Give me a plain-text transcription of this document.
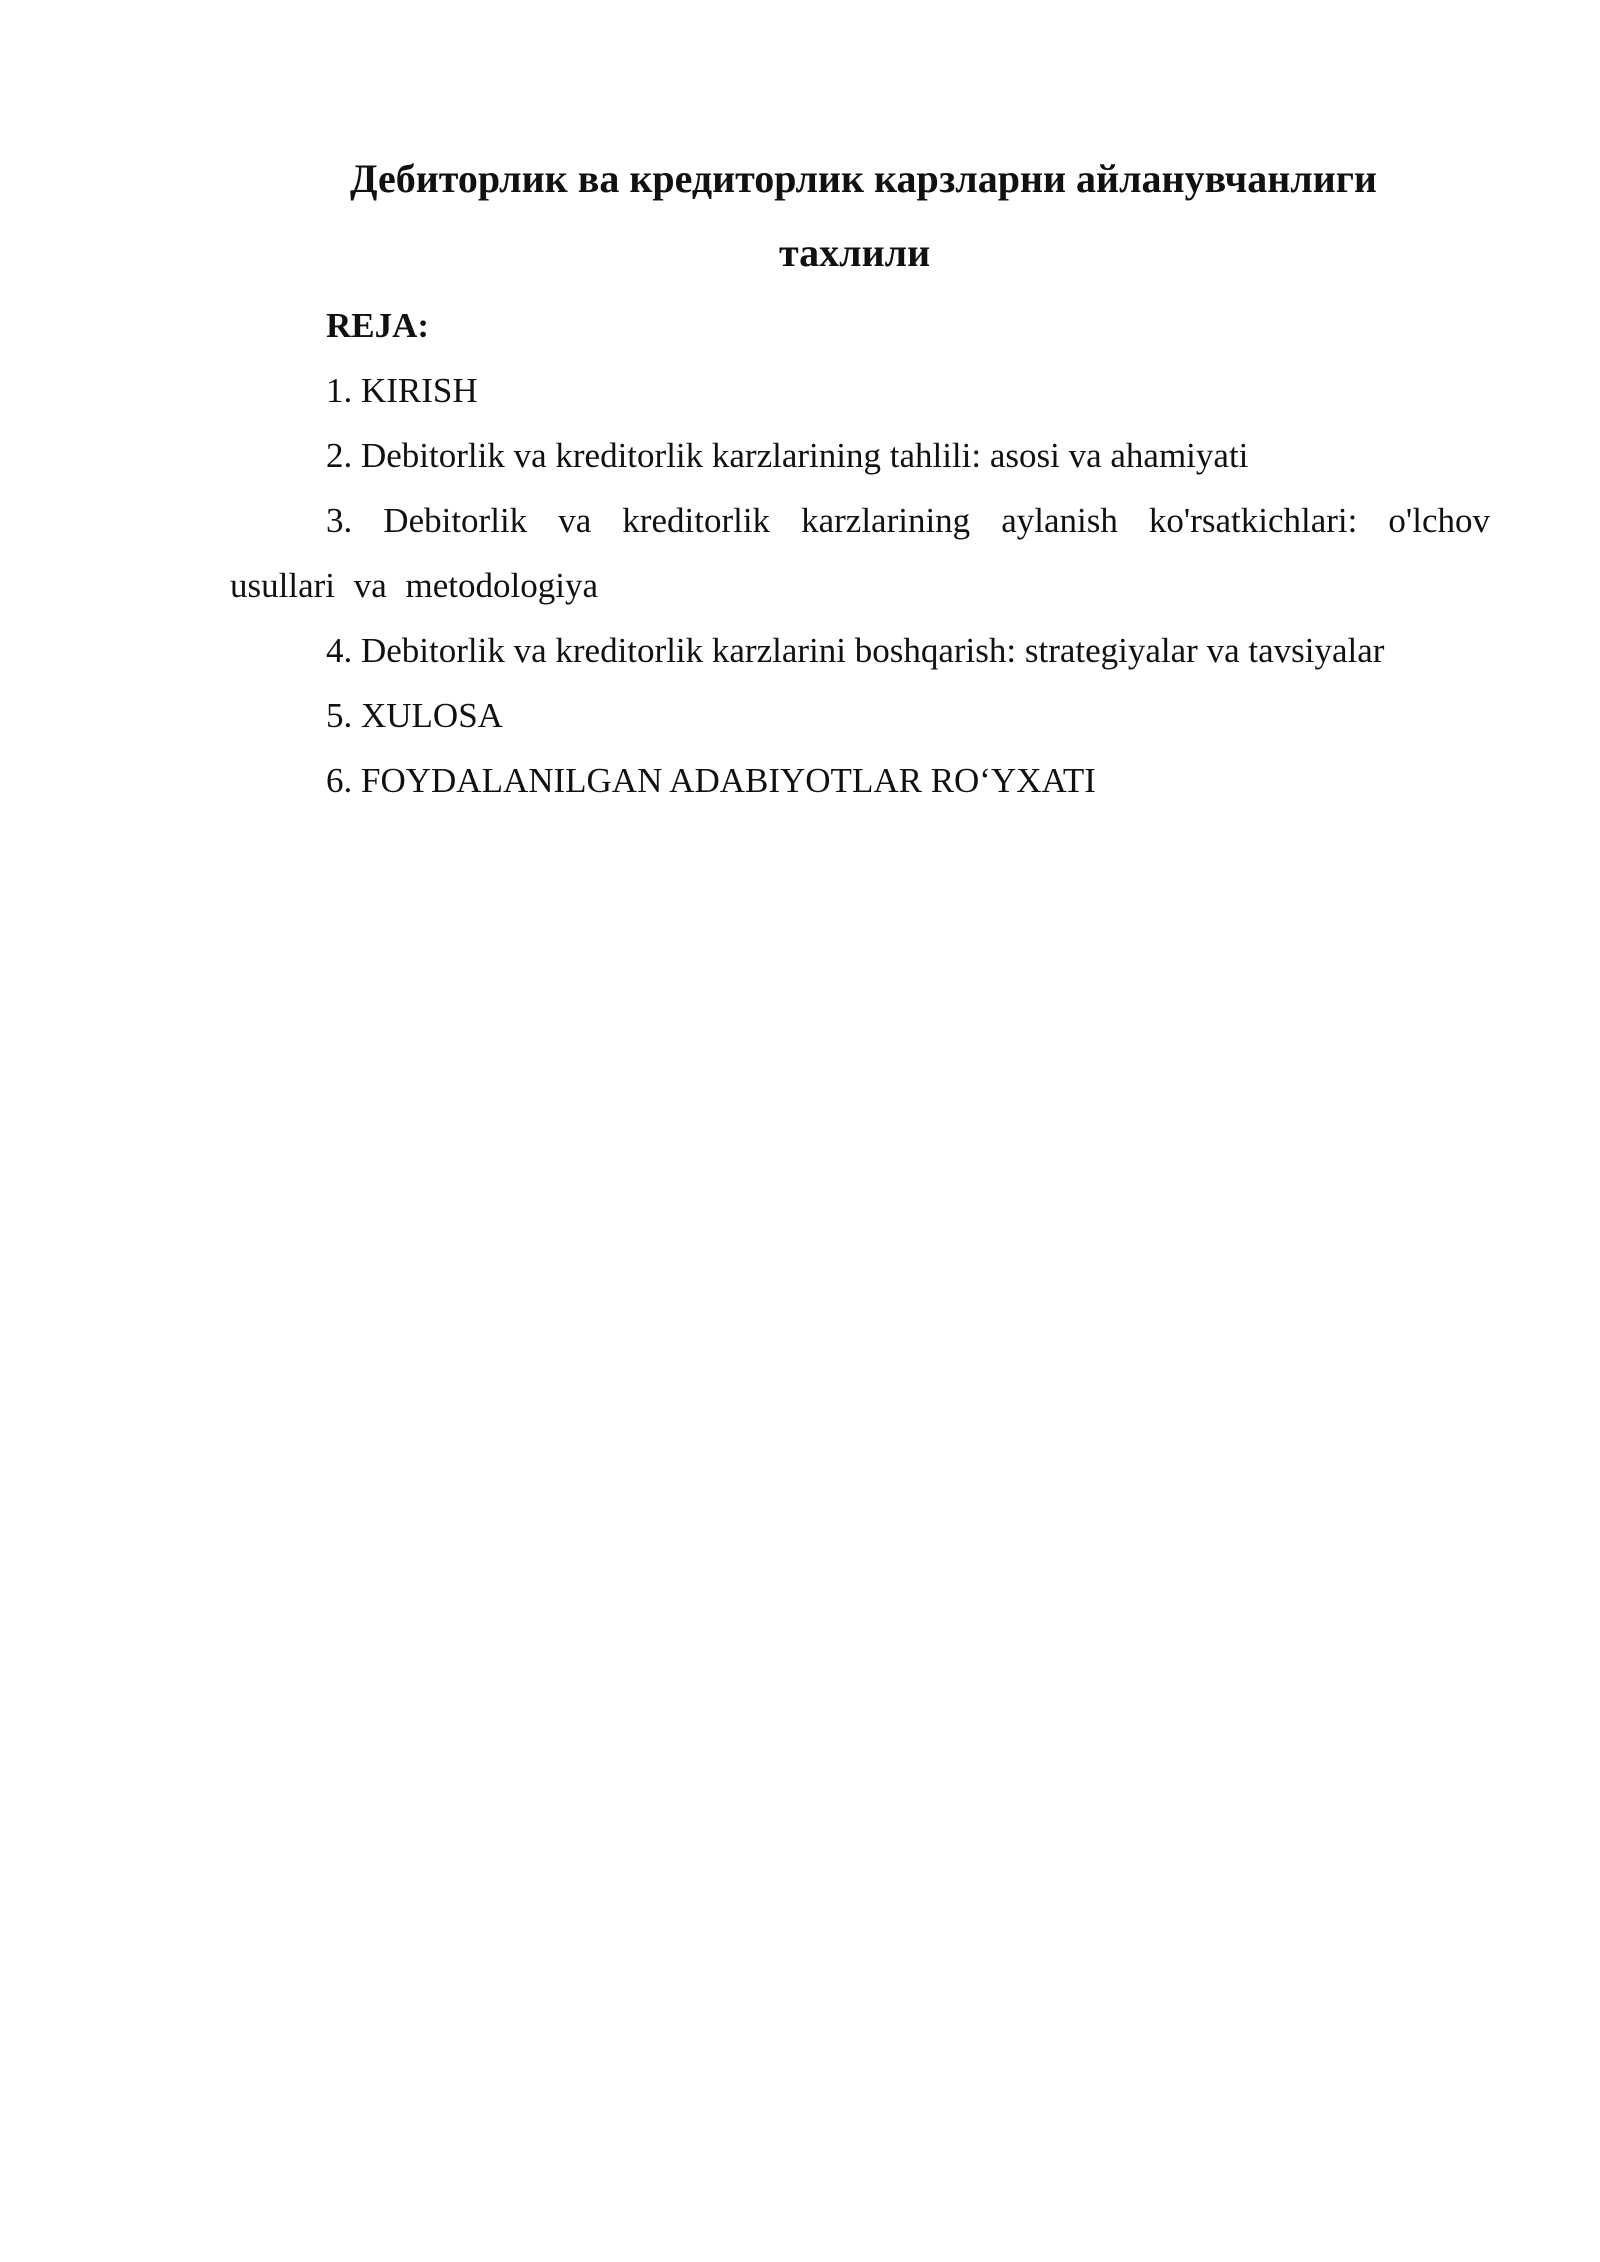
Дебиторлик ва кредиторлик карзларни айланувчанлиги
тахлили

REJA:

1. KIRISH

2. Debitorlik va kreditorlik karzlarining tahlili: asosi va ahamiyati

3. Debitorlik va kreditorlik karzlarining aylanish ko'rsatkichlari: o'lchov usullari va metodologiya

4. Debitorlik va kreditorlik karzlarini boshqarish: strategiyalar va tavsiyalar

5. XULOSA

6. FOYDALANILGAN ADABIYOTLAR RO‘YXATI
